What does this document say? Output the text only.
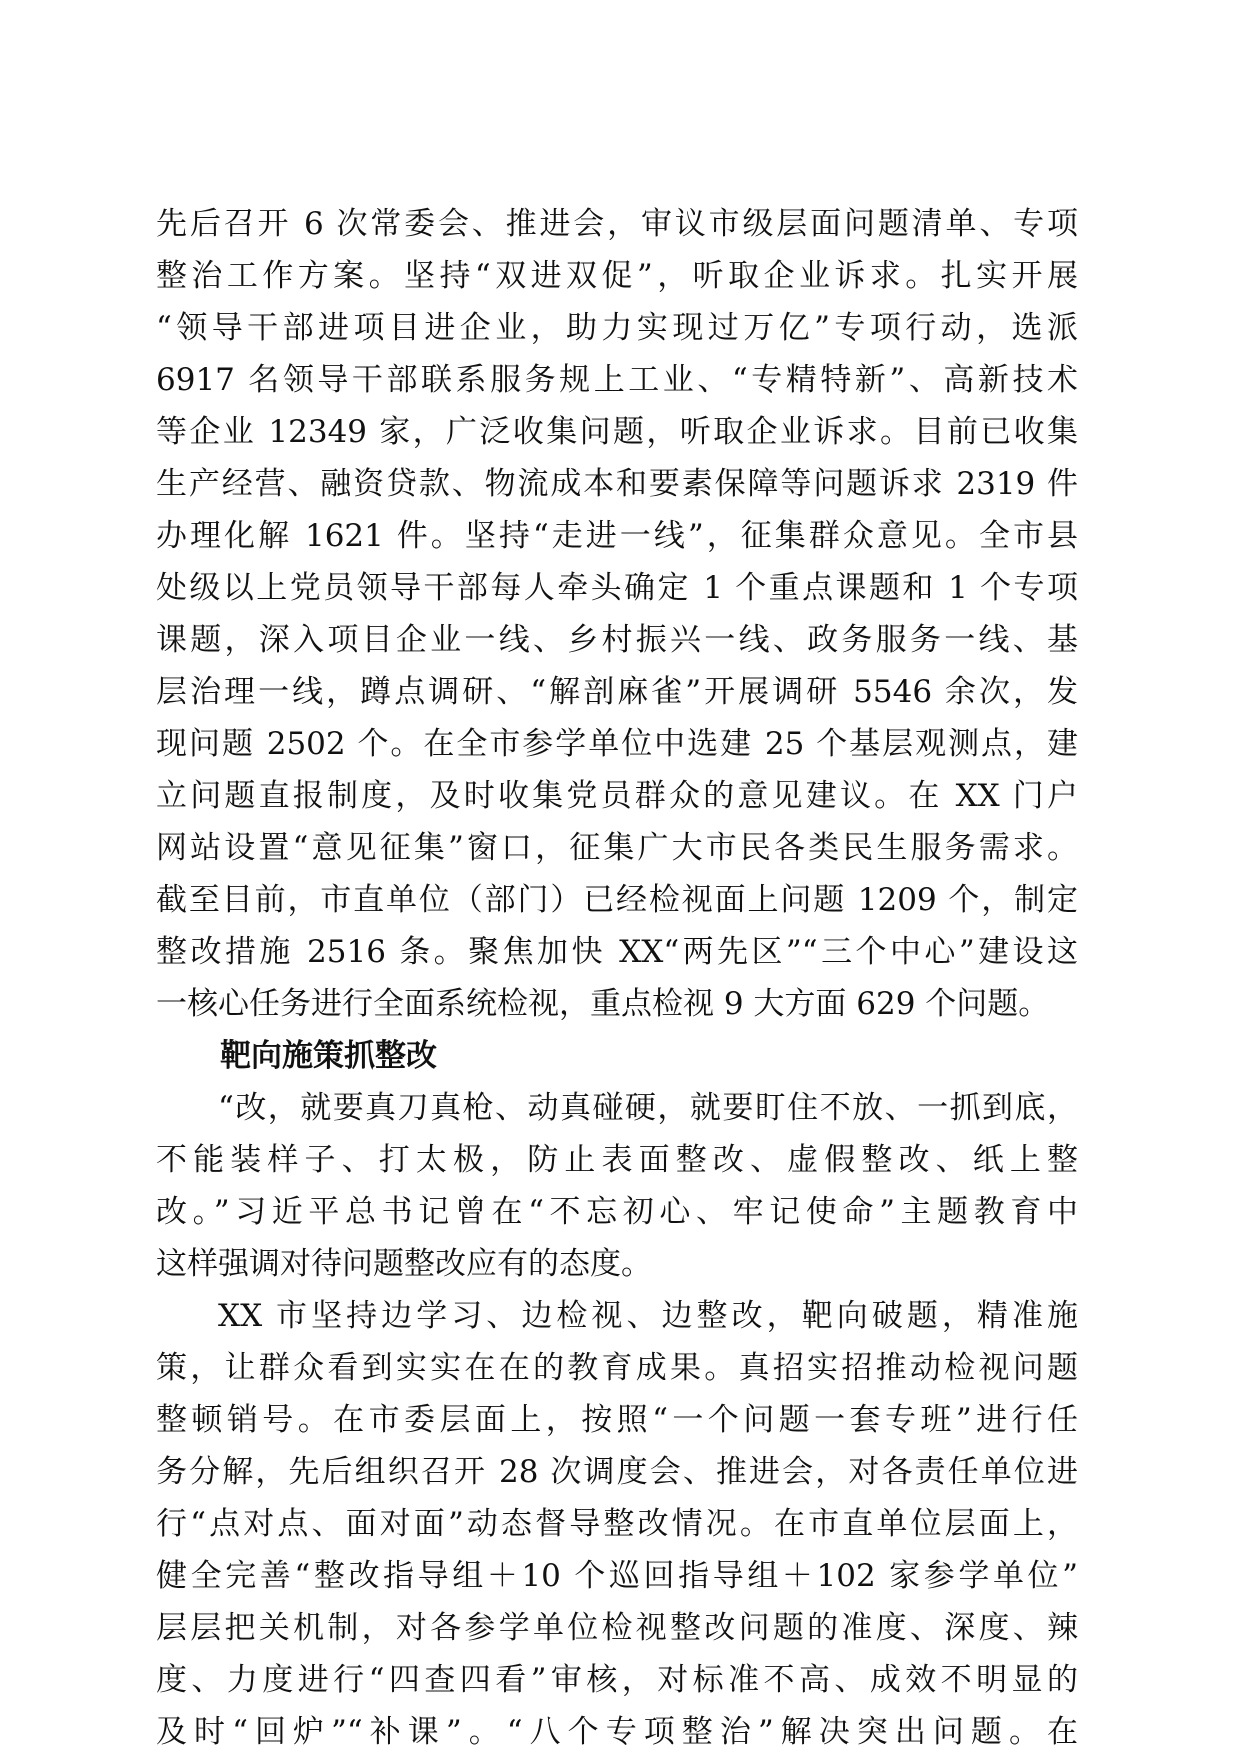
先后召开 6 次常委会、推进会，审议市级层面问题清单、专项
整治工作方案。坚持“双进双促”，听取企业诉求。扎实开展
“领导干部进项目进企业，助力实现过万亿”专项行动，选派
6917 名领导干部联系服务规上工业、“专精特新”、高新技术
等企业 12349 家，广泛收集问题，听取企业诉求。目前已收集
生产经营、融资贷款、物流成本和要素保障等问题诉求 2319 件
办理化解 1621 件。坚持“走进一线”，征集群众意见。全市县
处级以上党员领导干部每人牵头确定 1 个重点课题和 1 个专项
课题，深入项目企业一线、乡村振兴一线、政务服务一线、基
层治理一线，蹲点调研、“解剖麻雀”开展调研 5546 余次，发
现问题 2502 个。在全市参学单位中选建 25 个基层观测点，建
立问题直报制度，及时收集党员群众的意见建议。在 XX 门户
网站设置“意见征集”窗口，征集广大市民各类民生服务需求。
截至目前，市直单位（部门）已经检视面上问题 1209 个，制定
整改措施 2516 条。聚焦加快 XX“两先区”“三个中心”建设这
一核心任务进行全面系统检视，重点检视 9 大方面 629 个问题。
靶向施策抓整改
“改，就要真刀真枪、动真碰硬，就要盯住不放、一抓到底，
不能装样子、打太极，防止表面整改、虚假整改、纸上整
改。”习近平总书记曾在“不忘初心、牢记使命”主题教育中
这样强调对待问题整改应有的态度。
XX 市坚持边学习、边检视、边整改，靶向破题，精准施
策，让群众看到实实在在的教育成果。真招实招推动检视问题
整顿销号。在市委层面上，按照“一个问题一套专班”进行任
务分解，先后组织召开 28 次调度会、推进会，对各责任单位进
行“点对点、面对面”动态督导整改情况。在市直单位层面上，
健全完善“整改指导组＋10 个巡回指导组＋102 家参学单位”
层层把关机制，对各参学单位检视整改问题的准度、深度、辣
度、力度进行“四查四看”审核，对标准不高、成效不明显的
及时“回炉”“补课”。“八个专项整治”解决突出问题。在
